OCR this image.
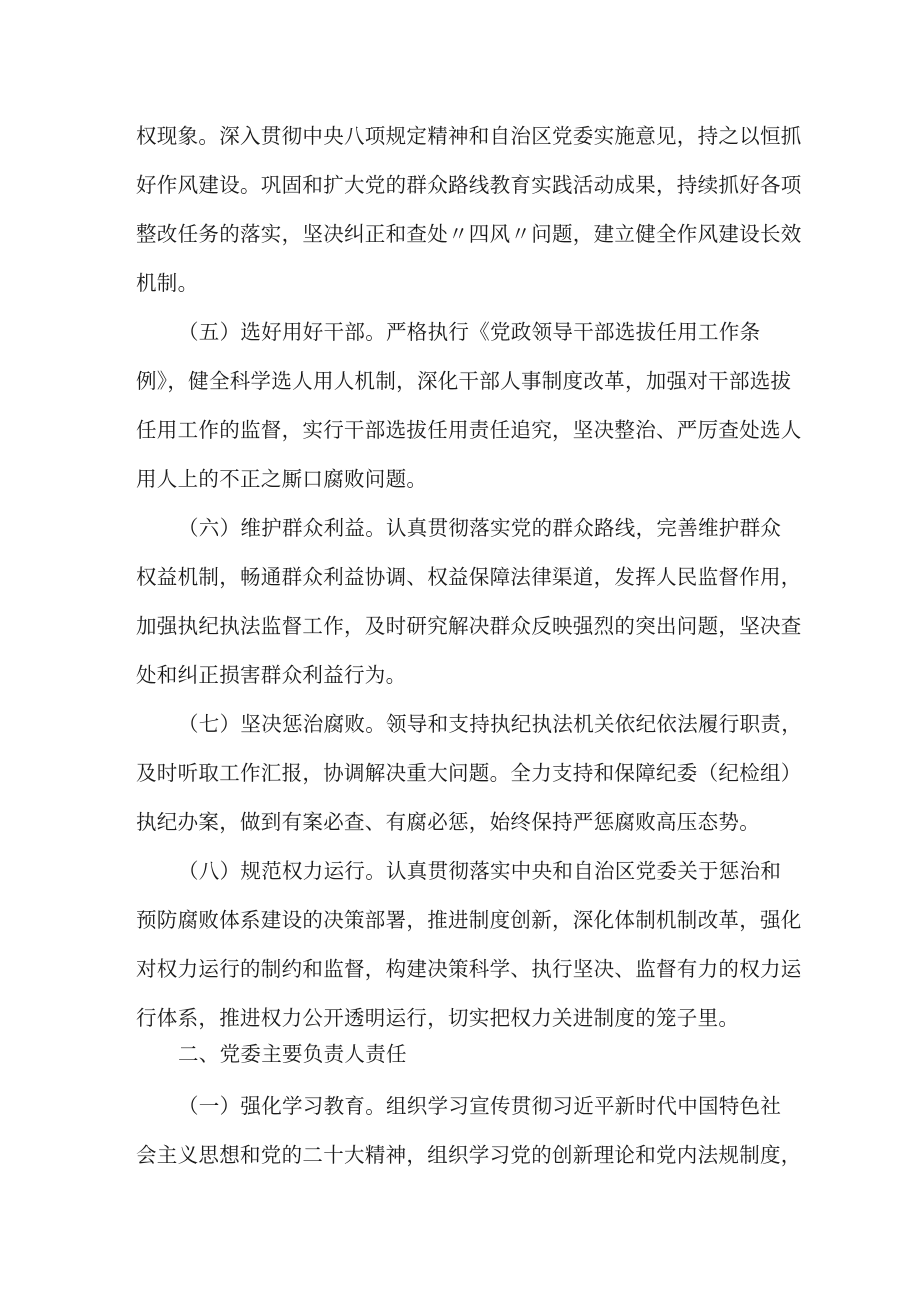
权现象。深入贯彻中央八项规定精神和自治区党委实施意见，持之以恒抓
好作风建设。巩固和扩大党的群众路线教育实践活动成果，持续抓好各项
整改任务的落实，坚决纠正和查处〃四风〃问题，建立健全作风建设长效
机制。
（五）选好用好干部。严格执行《党政领导干部选拔任用工作条
例》，健全科学选人用人机制，深化干部人事制度改革，加强对干部选拔
任用工作的监督，实行干部选拔任用责任追究，坚决整治、严厉查处选人
用人上的不正之厮口腐败问题。
（六）维护群众利益。认真贯彻落实党的群众路线，完善维护群众
权益机制，畅通群众利益协调、权益保障法律渠道，发挥人民监督作用，
加强执纪执法监督工作，及时研究解决群众反映强烈的突出问题，坚决查
处和纠正损害群众利益行为。
（七）坚决惩治腐败。领导和支持执纪执法机关依纪依法履行职责，
及时听取工作汇报，协调解决重大问题。全力支持和保障纪委（纪检组）
执纪办案，做到有案必查、有腐必惩，始终保持严惩腐败高压态势。
（八）规范权力运行。认真贯彻落实中央和自治区党委关于惩治和
预防腐败体系建设的决策部署，推进制度创新，深化体制机制改革，强化
对权力运行的制约和监督，构建决策科学、执行坚决、监督有力的权力运
行体系，推进权力公开透明运行，切实把权力关进制度的笼子里。
二、党委主要负责人责任
（一）强化学习教育。组织学习宣传贯彻习近平新时代中国特色社
会主义思想和党的二十大精神，组织学习党的创新理论和党内法规制度，
